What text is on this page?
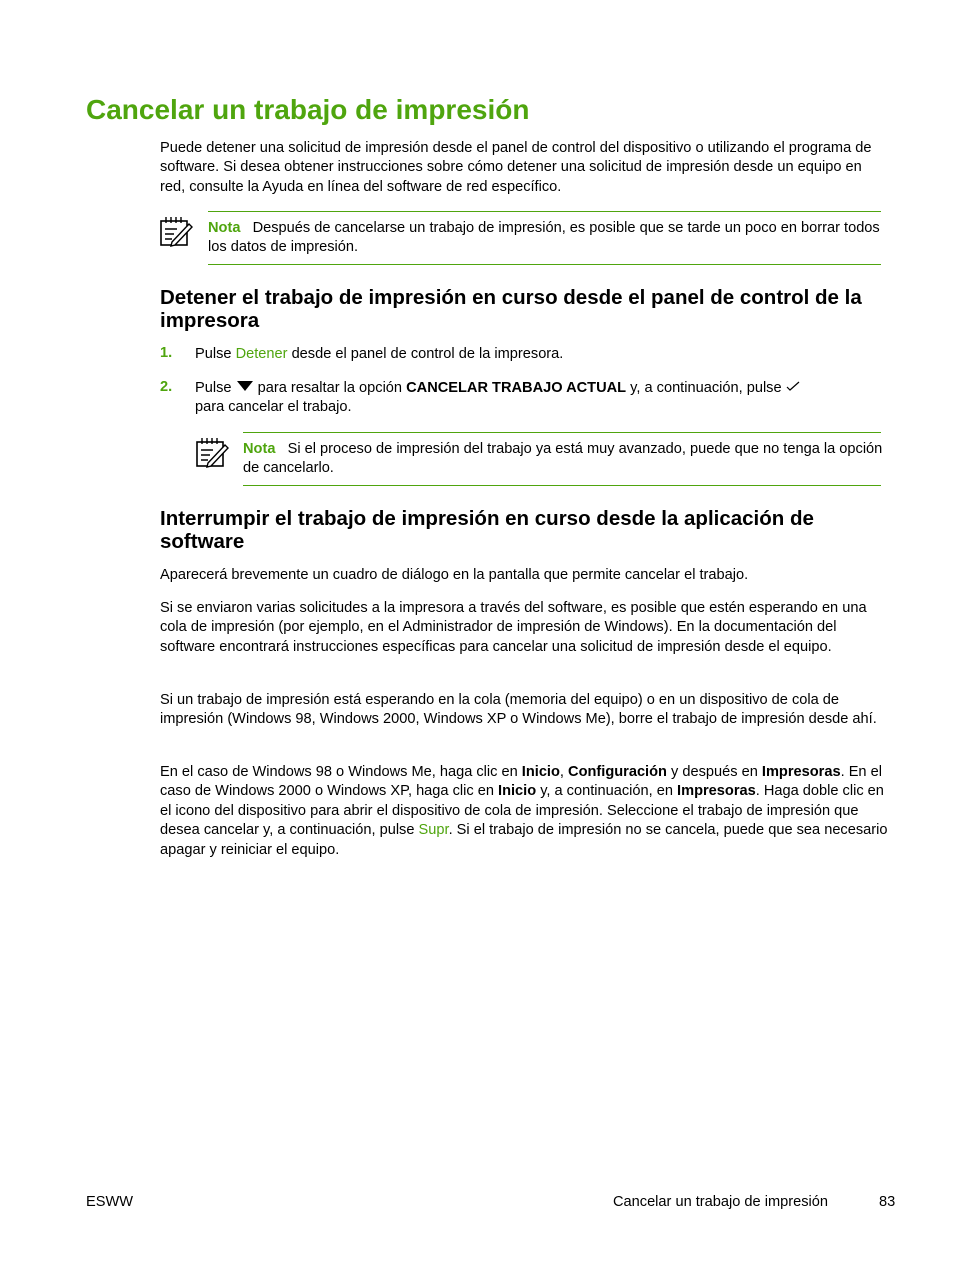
Cancelar un trabajo de impresión

Puede detener una solicitud de impresión desde el panel de control del dispositivo o utilizando el programa de software. Si desea obtener instrucciones sobre cómo detener una solicitud de impresión desde un equipo en red, consulte la Ayuda en línea del software de red específico.

Nota Después de cancelarse un trabajo de impresión, es posible que se tarde un poco en borrar todos los datos de impresión.

Detener el trabajo de impresión en curso desde el panel de control de la impresora
1. Pulse Detener desde el panel de control de la impresora.

2. Pulse para resaltar la opción CANCELAR TRABAJO ACTUAL y, a continuación, pulse
para cancelar el trabajo.

Nota Si el proceso de impresión del trabajo ya está muy avanzado, puede que no tenga la opción de cancelarlo.

Interrumpir el trabajo de impresión en curso desde la aplicación de software

Aparecerá brevemente un cuadro de diálogo en la pantalla que permite cancelar el trabajo.

Si se enviaron varias solicitudes a la impresora a través del software, es posible que estén esperando en una cola de impresión (por ejemplo, en el Administrador de impresión de Windows). En la documentación del software encontrará instrucciones específicas para cancelar una solicitud de impresión desde el equipo.

Si un trabajo de impresión está esperando en la cola (memoria del equipo) o en un dispositivo de cola de impresión (Windows 98, Windows 2000, Windows XP o Windows Me), borre el trabajo de impresión desde ahí.

En el caso de Windows 98 o Windows Me, haga clic en Inicio, Configuración y después en Impresoras. En el caso de Windows 2000 o Windows XP, haga clic en Inicio y, a continuación, en Impresoras. Haga doble clic en el icono del dispositivo para abrir el dispositivo de cola de impresión. Seleccione el trabajo de impresión que desea cancelar y, a continuación, pulse Supr. Si el trabajo de impresión no se cancela, puede que sea necesario apagar y reiniciar el equipo.

ESWW	Cancelar un trabajo de impresión	83
